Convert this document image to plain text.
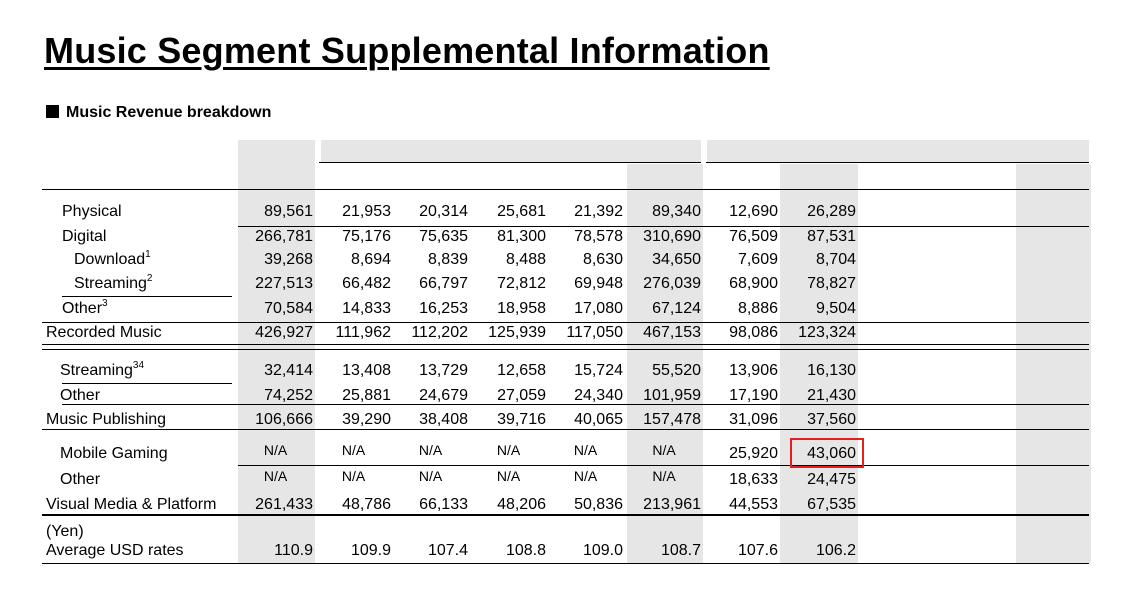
Music Segment Supplemental Information
Music Revenue breakdown
Physical	89,561	21,953	20,314	25,681	21,392	89,340	12,690	26,289
Digital	266,781	75,176	75,635	81,300	78,578	310,690	76,509	87,531
Download$^1$	39,268	8,694	8,839	8,488	8,630	34,650	7,609	8,704
Streaming$^2$	227,513	66,482	66,797	72,812	69,948	276,039	68,900	78,827
Other$^3$	70,584	14,833	16,253	18,958	17,080	67,124	8,886	9,504
Recorded Music	426,927	111,962	112,202	125,939	117,050	467,153	98,086	123,324
Streaming$^{34}$	32,414	13,408	13,729	12,658	15,724	55,520	13,906	16,130
Other	74,252	25,881	24,679	27,059	24,340	101,959	17,190	21,430
Music Publishing	106,666	39,290	38,408	39,716	40,065	157,478	31,096	37,560
Mobile Gaming	N/A	N/A	N/A	N/A	N/A	N/A	25,920	43,060
Other	N/A	N/A	N/A	N/A	N/A	N/A	18,633	24,475
Visual Media & Platform	261,433	48,786	66,133	48,206	50,836	213,961	44,553	67,535
(Yen)
Average USD rates	110.9	109.9	107.4	108.8	109.0	108.7	107.6	106.2
